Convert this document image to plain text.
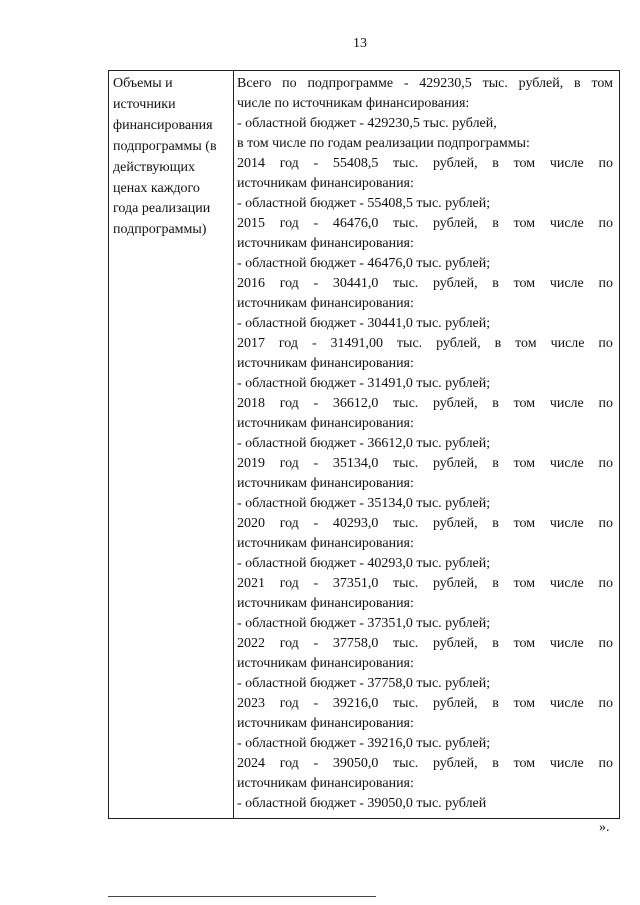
13
Объемы и
источники
финансирования
подпрограммы (в
действующих
ценах каждого
года реализации
подпрограммы)
Всего по подпрограмме - 429230,5 тыс. рублей, в том
числе по источникам финансирования:
- областной бюджет - 429230,5 тыс. рублей,
в том числе по годам реализации подпрограммы:
2014 год - 55408,5 тыс. рублей, в том числе по
источникам финансирования:
- областной бюджет - 55408,5 тыс. рублей;
2015 год - 46476,0 тыс. рублей, в том числе по
источникам финансирования:
- областной бюджет - 46476,0 тыс. рублей;
2016 год - 30441,0 тыс. рублей, в том числе по
источникам финансирования:
- областной бюджет - 30441,0 тыс. рублей;
2017 год - 31491,00 тыс. рублей, в том числе по
источникам финансирования:
- областной бюджет - 31491,0 тыс. рублей;
2018 год - 36612,0 тыс. рублей, в том числе по
источникам финансирования:
- областной бюджет - 36612,0 тыс. рублей;
2019 год - 35134,0 тыс. рублей, в том числе по
источникам финансирования:
- областной бюджет - 35134,0 тыс. рублей;
2020 год - 40293,0 тыс. рублей, в том числе по
источникам финансирования:
- областной бюджет - 40293,0 тыс. рублей;
2021 год - 37351,0 тыс. рублей, в том числе по
источникам финансирования:
- областной бюджет - 37351,0 тыс. рублей;
2022 год - 37758,0 тыс. рублей, в том числе по
источникам финансирования:
- областной бюджет - 37758,0 тыс. рублей;
2023 год - 39216,0 тыс. рублей, в том числе по
источникам финансирования:
- областной бюджет - 39216,0 тыс. рублей;
2024 год - 39050,0 тыс. рублей, в том числе по
источникам финансирования:
- областной бюджет - 39050,0 тыс. рублей
».
